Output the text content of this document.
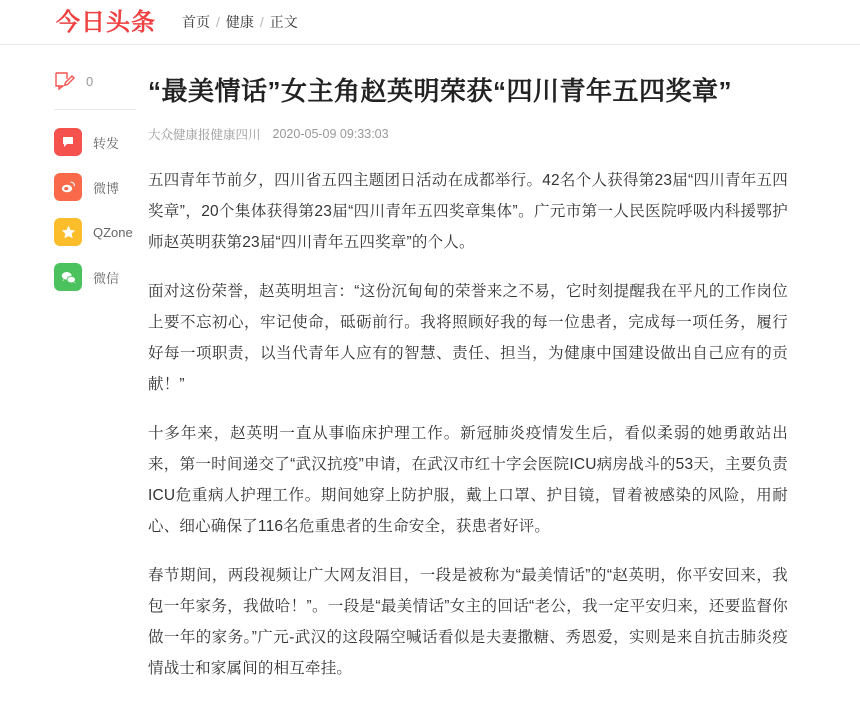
今日头条 首页 / 健康 / 正文
0
转发
微博
QZone
微信
“最美情话”女主角赵英明荣获“四川青年五四奖章”
大众健康报健康四川 2020-05-09 09:33:03

五四青年节前夕，四川省五四主题团日活动在成都举行。42名个人获得第23届“四川青年五四奖章”，20个集体获得第23届“四川青年五四奖章集体”。广元市第一人民医院呼吸内科援鄂护师赵英明获第23届“四川青年五四奖章”的个人。

面对这份荣誉，赵英明坦言：“这份沉甸甸的荣誉来之不易，它时刻提醒我在平凡的工作岗位上要不忘初心，牢记使命，砥砺前行。我将照顾好我的每一位患者，完成每一项任务，履行好每一项职责，以当代青年人应有的智慧、责任、担当，为健康中国建设做出自己应有的贡献！”

十多年来，赵英明一直从事临床护理工作。新冠肺炎疫情发生后，看似柔弱的她勇敢站出来，第一时间递交了“武汉抗疫”申请，在武汉市红十字会医院ICU病房战斗的53天，主要负责ICU危重病人护理工作。期间她穿上防护服，戴上口罩、护目镜，冒着被感染的风险，用耐心、细心确保了116名危重患者的生命安全，获患者好评。

春节期间，两段视频让广大网友泪目，一段是被称为“最美情话”的“赵英明，你平安回来，我包一年家务，我做哈！”。一段是“最美情话”女主的回话“老公，我一定平安归来，还要监督你做一年的家务。”广元-武汉的这段隔空喊话看似是夫妻撒糖、秀恩爱，实则是来自抗击肺炎疫情战士和家属间的相互牵挂。
